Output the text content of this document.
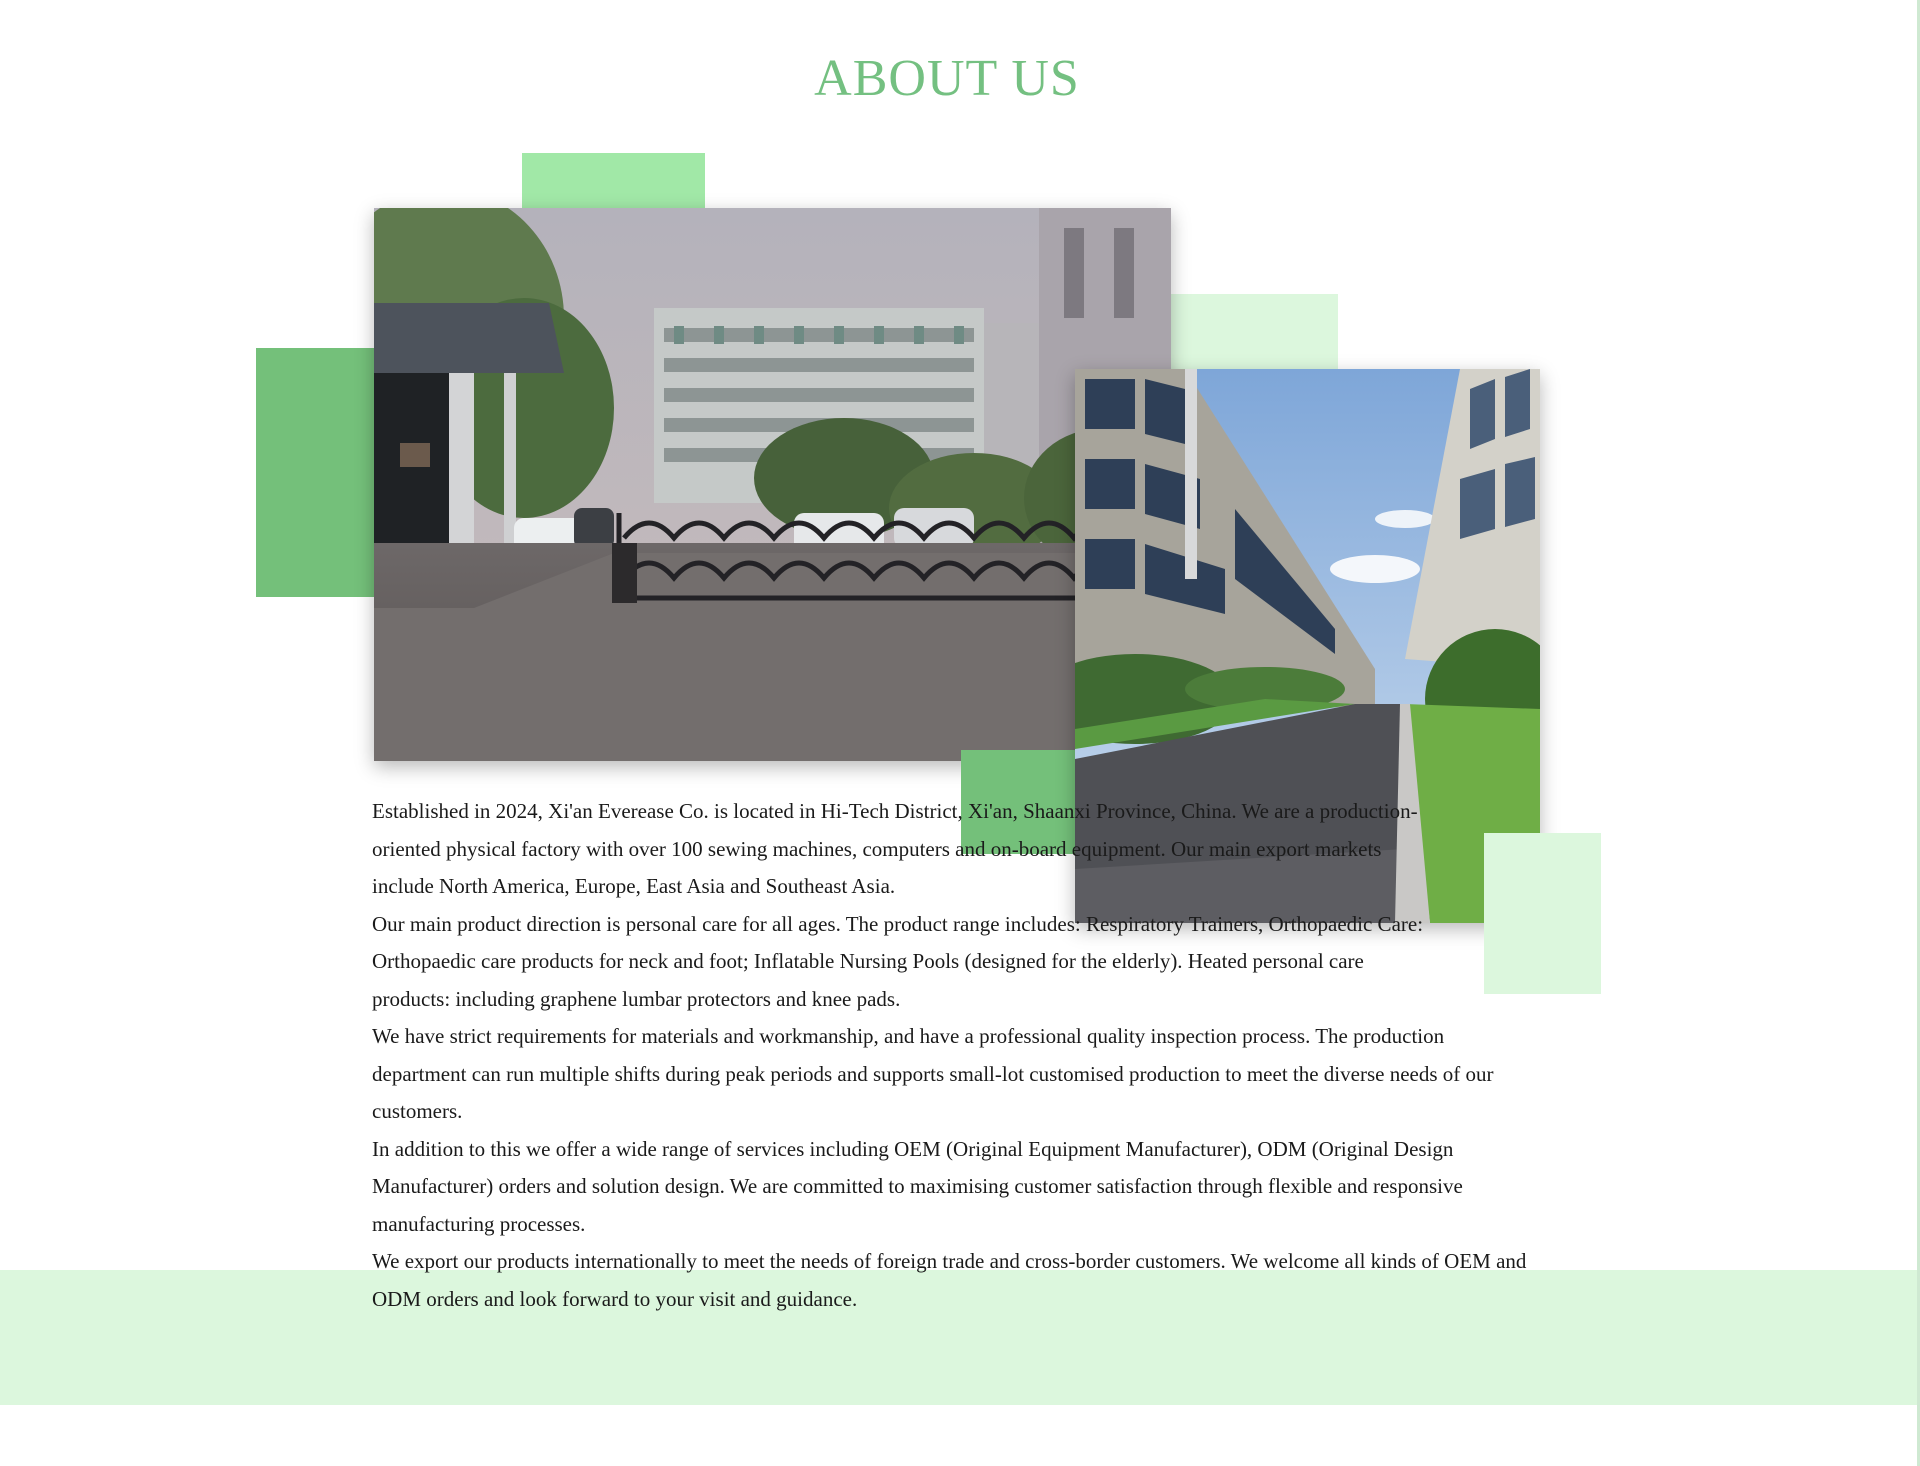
ABOUT US

Established in 2024, Xi'an Everease Co. is located in Hi-Tech District, Xi'an, Shaanxi Province, China. We are a production-oriented physical factory with over 100 sewing machines, computers and on-board equipment. Our main export markets include North America, Europe, East Asia and Southeast Asia.

Our main product direction is personal care for all ages. The product range includes: Respiratory Trainers, Orthopaedic Care: Orthopaedic care products for neck and foot; Inflatable Nursing Pools (designed for the elderly). Heated personal care products: including graphene lumbar protectors and knee pads.

We have strict requirements for materials and workmanship, and have a professional quality inspection process. The production department can run multiple shifts during peak periods and supports small-lot customised production to meet the diverse needs of our customers.

In addition to this we offer a wide range of services including OEM (Original Equipment Manufacturer), ODM (Original Design Manufacturer) orders and solution design. We are committed to maximising customer satisfaction through flexible and responsive manufacturing processes.

We export our products internationally to meet the needs of foreign trade and cross-border customers. We welcome all kinds of OEM and ODM orders and look forward to your visit and guidance.
